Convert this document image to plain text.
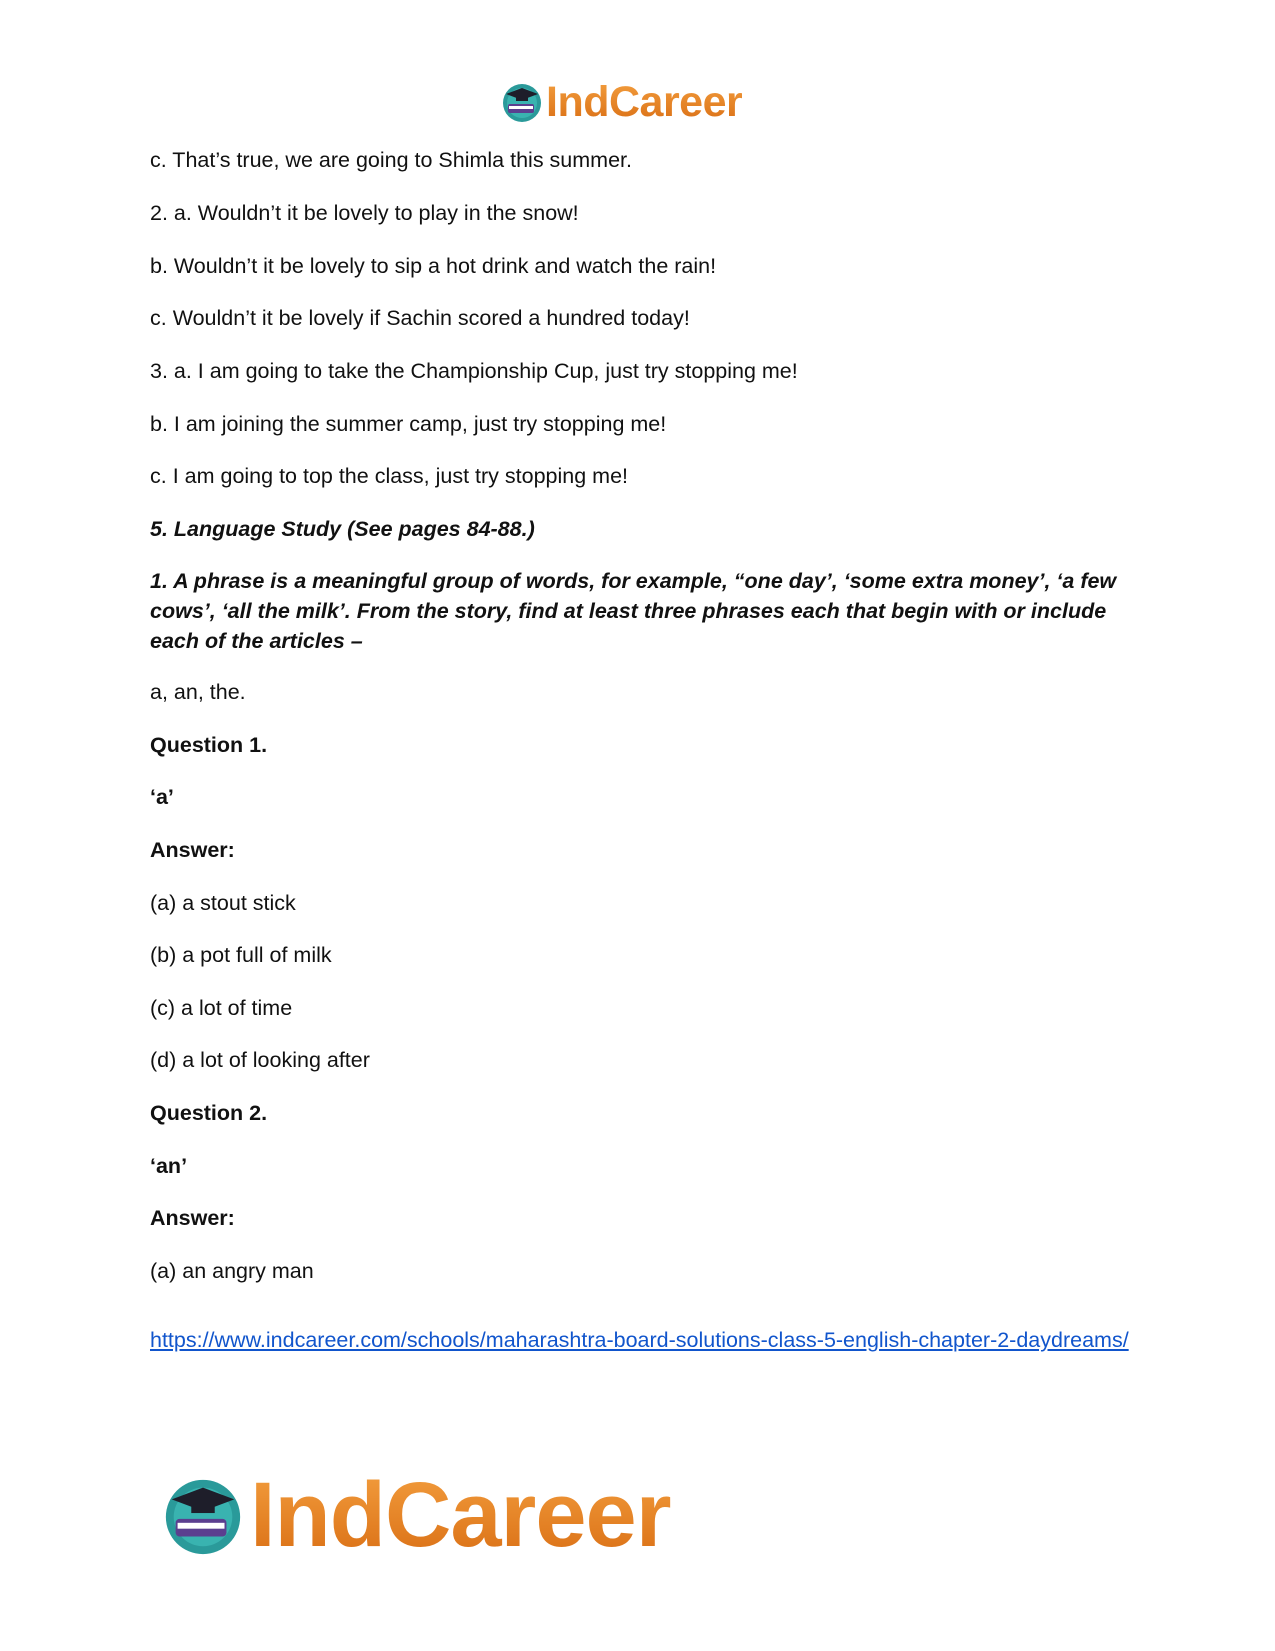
IndCareer
c. That’s true, we are going to Shimla this summer.
2. a. Wouldn’t it be lovely to play in the snow!
b. Wouldn’t it be lovely to sip a hot drink and watch the rain!
c. Wouldn’t it be lovely if Sachin scored a hundred today!
3. a. I am going to take the Championship Cup, just try stopping me!
b. I am joining the summer camp, just try stopping me!
c. I am going to top the class, just try stopping me!
5. Language Study (See pages 84-88.)
1. A phrase is a meaningful group of words, for example, “one day’, ‘some extra money’, ‘a few cows’, ‘all the milk’. From the story, find at least three phrases each that begin with or include each of the articles –
a, an, the.
Question 1.
‘a’
Answer:
(a) a stout stick
(b) a pot full of milk
(c) a lot of time
(d) a lot of looking after
Question 2.
‘an’
Answer:
(a) an angry man
https://www.indcareer.com/schools/maharashtra-board-solutions-class-5-english-chapter-2-daydreams/
IndCareer
